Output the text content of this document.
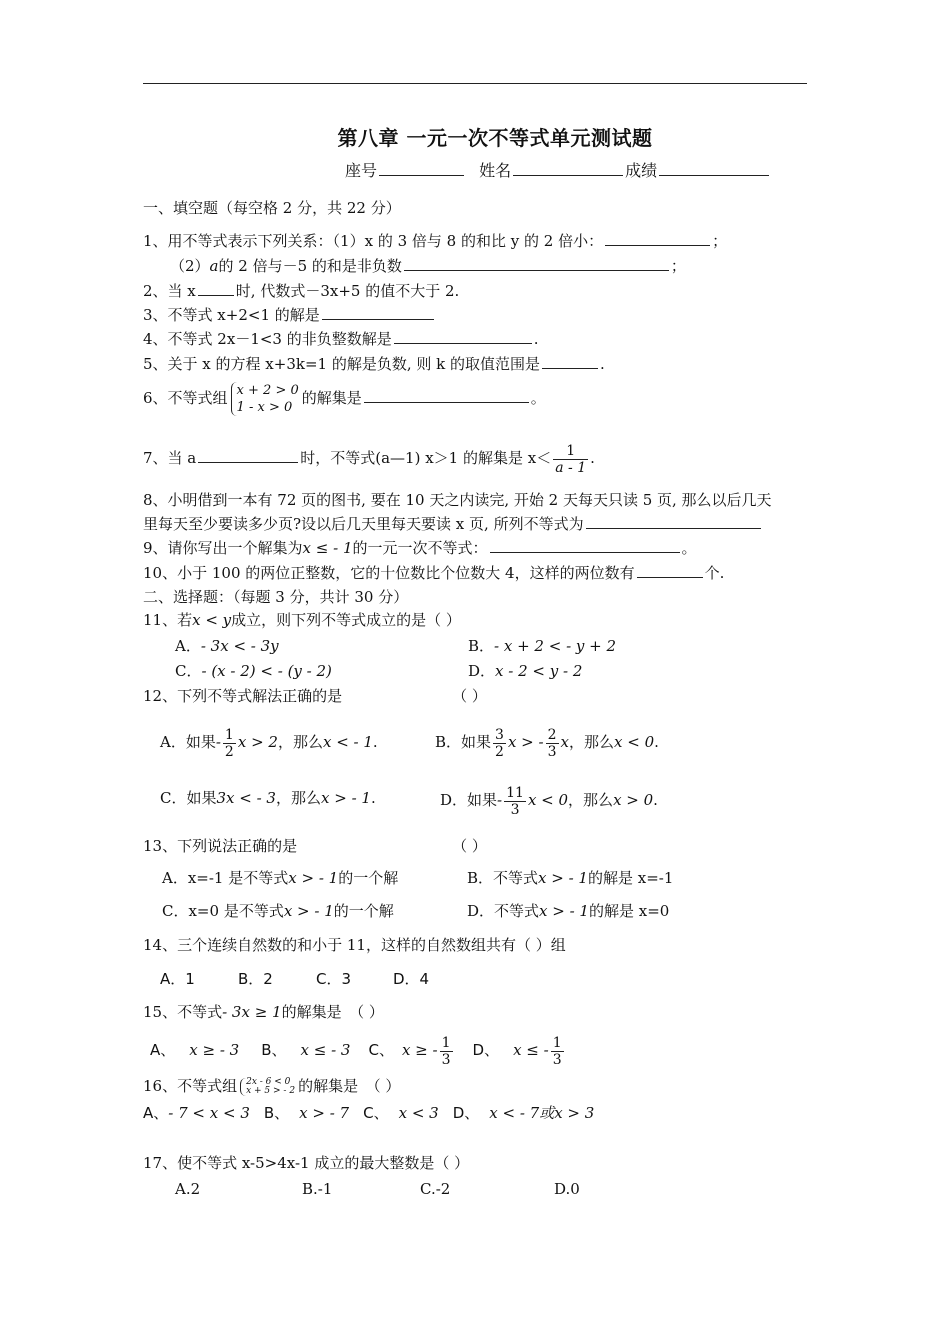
第八章 一元一次不等式单元测试题
座号	姓名	成绩
一、填空题（每空格 2 分，共 22 分）
1、用不等式表示下列关系：（1）x 的 3 倍与 8 的和比 y 的 2 倍小：	；
（2）a的 2 倍与－5 的和是非负数	；
2、当 x	时, 代数式－3x+5 的值不大于 2.
3、不等式 x+2<1 的解是
4、不等式 2x－1<3 的非负整数解是	.
5、关于 x 的方程 x+3k=1 的解是负数, 则 k 的取值范围是	.
6、不等式组 x + 2 > 0
1 - x > 0
的解集是	。
7、当 a	时，不等式(a—1) x＞1 的解集是 $x< \frac{1}{a - 1}$ .
8、小明借到一本有 72 页的图书, 要在 10 天之内读完, 开始 2 天每天只读 5 页, 那么以后几天
里每天至少要读多少页?设以后几天里每天要读 x 页, 所列不等式为
9、请你写出一个解集为x ≤ - 1的一元一次不等式：	。
10、小于 100 的两位正整数，它的十位数比个位数大 4，这样的两位数有	个.
二、选择题：（每题 3 分，共计 30 分）
11、若x < y成立，则下列不等式成立的是（ ）
A．- 3x < - 3y	B．- x + 2 < - y + 2
C．- (x - 2) < - (y - 2)	D．x - 2 < y - 2
12、下列不等式解法正确的是	（ ）
A．如果- $\frac{1}{2}$ x > 2，那么x < - 1.	B．如果 $\frac{3}{2}$ x > - $\frac{2}{3}$ x，那么x < 0.
C．如果3x < - 3，那么x > - 1.	D．如果- $\frac{11}{3}$ x < 0，那么x > 0.
13、下列说法正确的是	（ ）
A．x=-1 是不等式x > - 1的一个解	B．不等式x > - 1的解是 x=-1
C．x=0 是不等式x > - 1的一个解	D．不等式x > - 1的解是 x=0
14、三个连续自然数的和小于 11，这样的自然数组共有（ ）组
A．1	B．2	C．3	D．4
15、不等式- 3x ≥ 1的解集是　（ ）
A、 x ≥ - 3 B、 x ≤ - 3 C、 x ≥ - $\frac{1}{3}$ D、 x ≤ - $\frac{1}{3}$
16、不等式组 2x - 6 < 0
x + 5 > - 2 的解集是　（ ）
A、- 7 < x < 3 B、 x > - 7 C、 x < 3 D、 x < - 7或x > 3
17、使不等式 x-5>4x-1 成立的最大整数是（ ）
A.2	B.-1	C.-2	D.0
